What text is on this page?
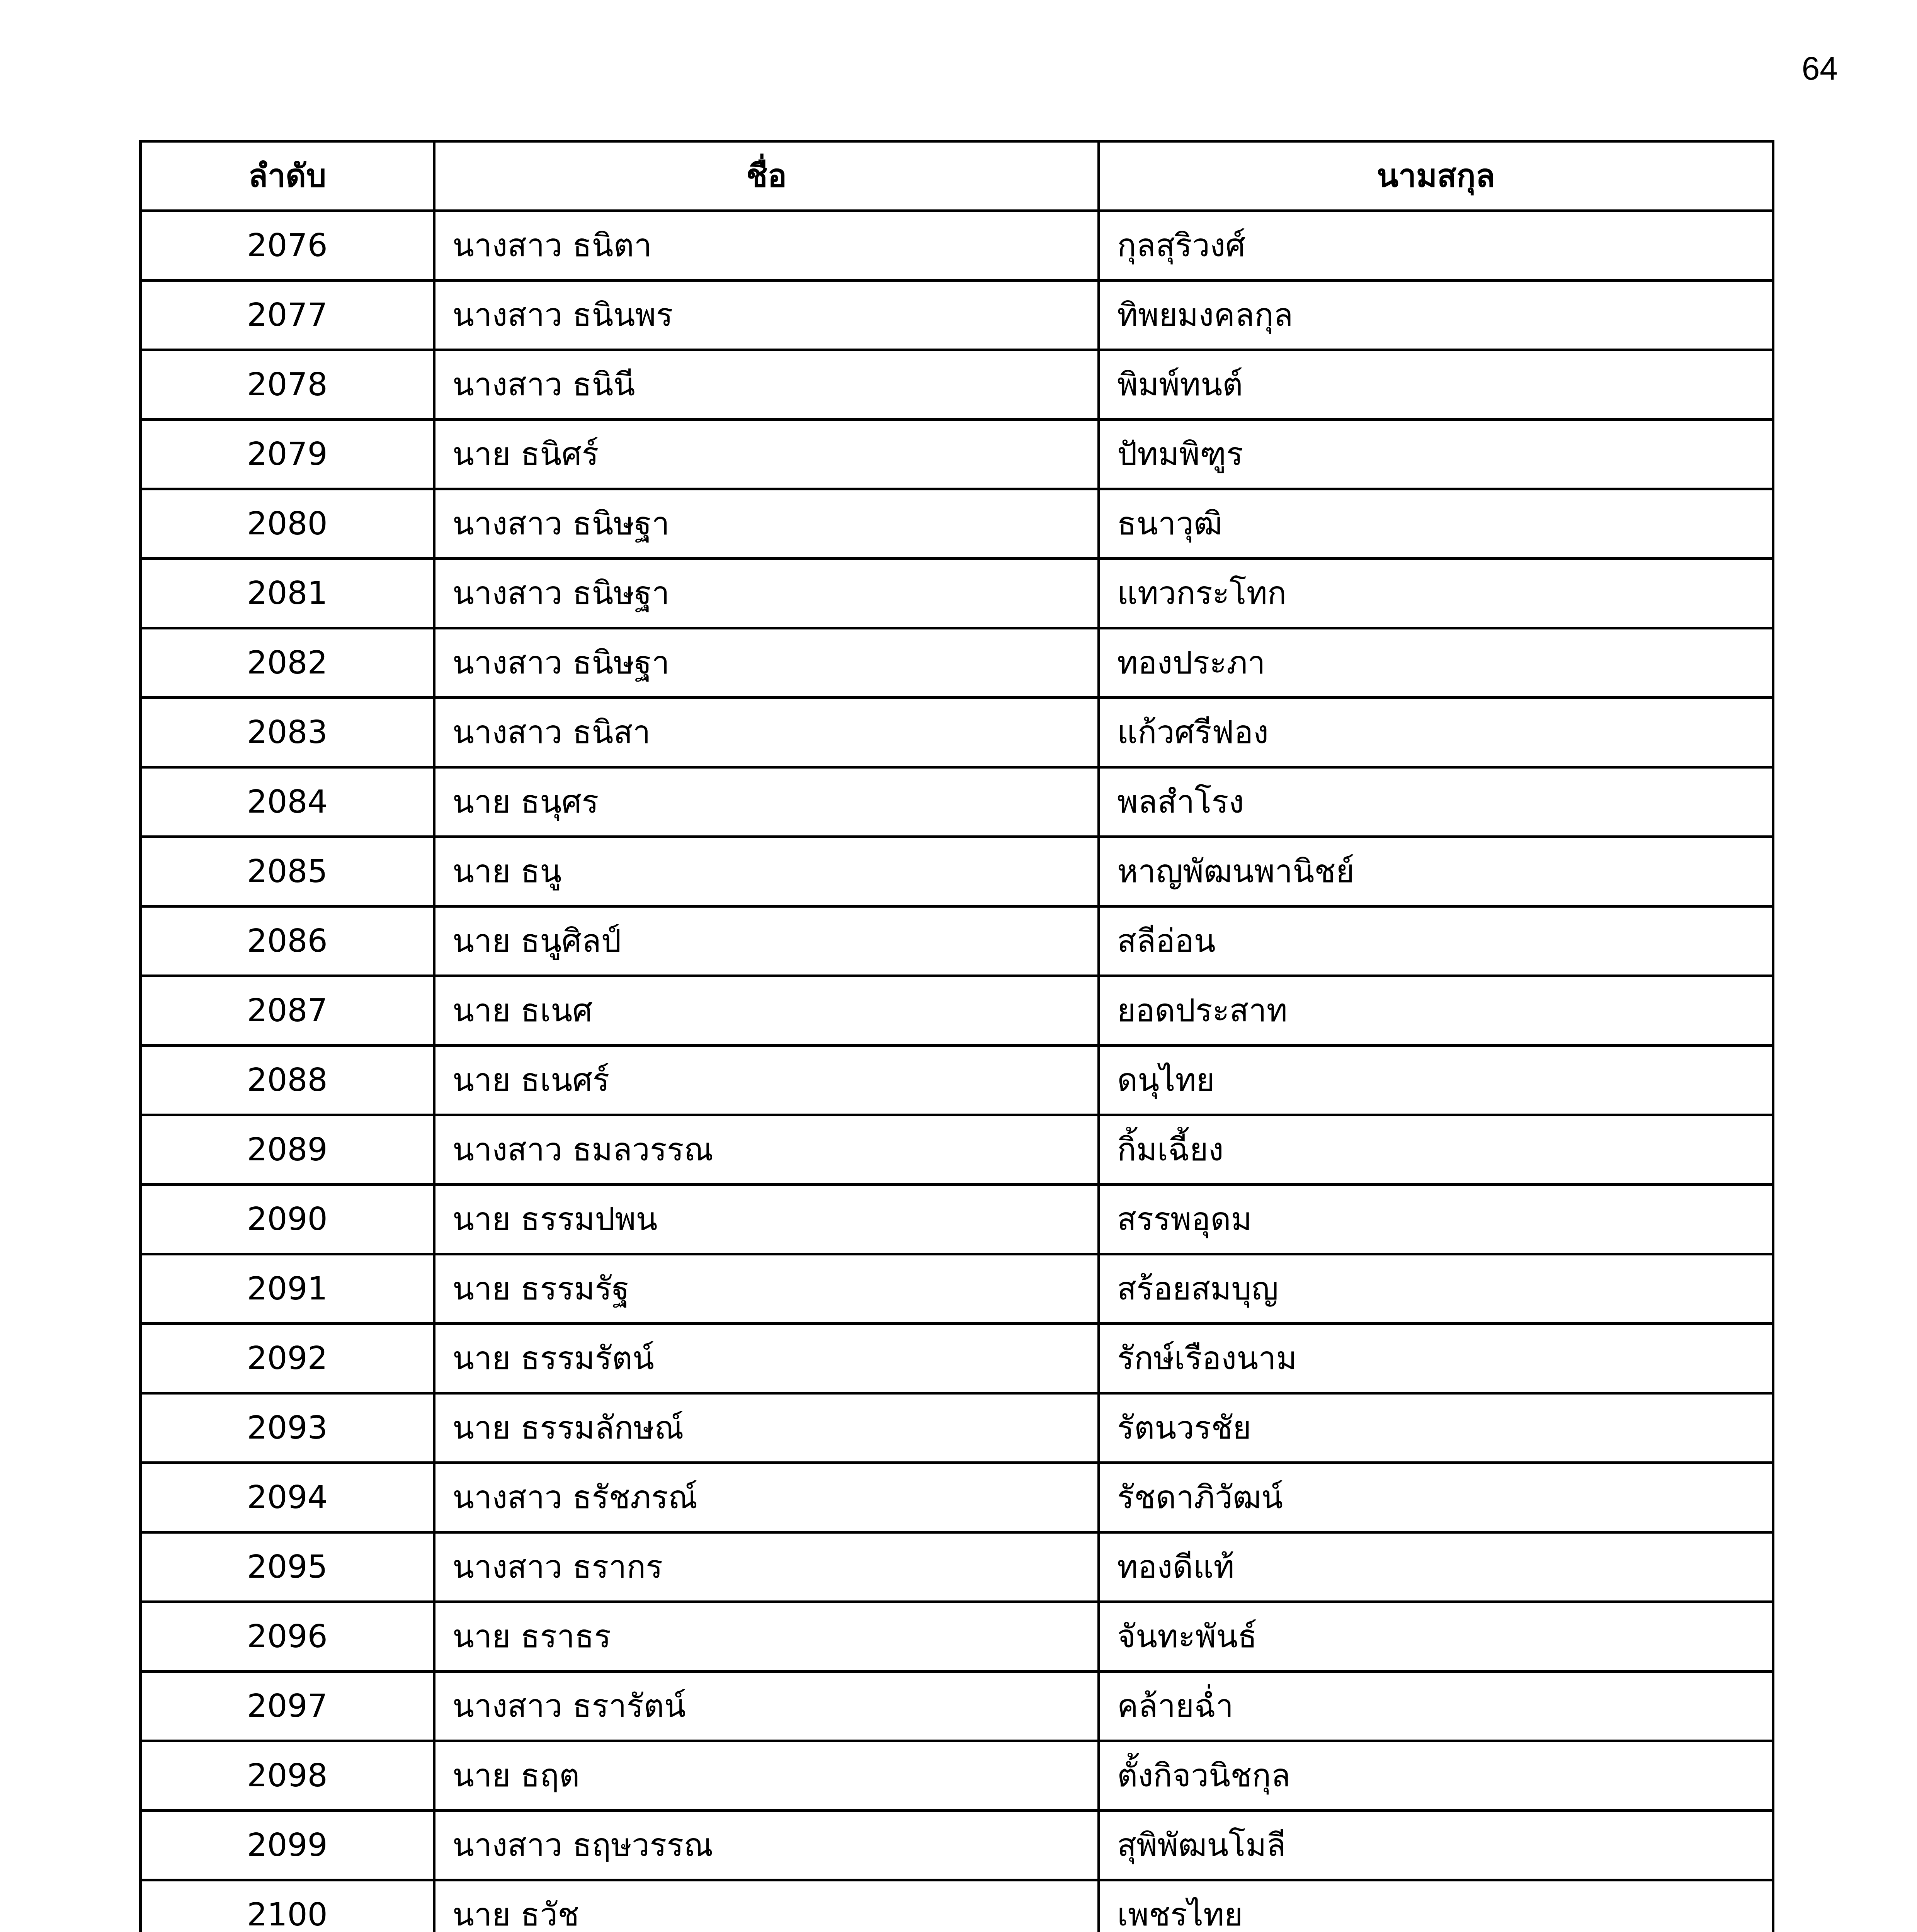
64
ลำดับ	ชื่อ	นามสกุล
2076	นางสาว ธนิตา	กุลสุริวงศ์
2077	นางสาว ธนินพร	ทิพยมงคลกุล
2078	นางสาว ธนินี	พิมพ์ทนต์
2079	นาย ธนิศร์	ปัทมพิฑูร
2080	นางสาว ธนิษฐา	ธนาวุฒิ
2081	นางสาว ธนิษฐา	แทวกระโทก
2082	นางสาว ธนิษฐา	ทองประภา
2083	นางสาว ธนิสา	แก้วศรีฟอง
2084	นาย ธนุศร	พลสำโรง
2085	นาย ธนู	หาญพัฒนพานิชย์
2086	นาย ธนูศิลป์	สลีอ่อน
2087	นาย ธเนศ	ยอดประสาท
2088	นาย ธเนศร์	ดนุไทย
2089	นางสาว ธมลวรรณ	กิ้มเฉี้ยง
2090	นาย ธรรมปพน	สรรพอุดม
2091	นาย ธรรมรัฐ	สร้อยสมบุญ
2092	นาย ธรรมรัตน์	รักษ์เรืองนาม
2093	นาย ธรรมลักษณ์	รัตนวรชัย
2094	นางสาว ธรัชภรณ์	รัชดาภิวัฒน์
2095	นางสาว ธรากร	ทองดีแท้
2096	นาย ธราธร	จันทะพันธ์
2097	นางสาว ธรารัตน์	คล้ายฉ่ำ
2098	นาย ธฤต	ตั้งกิจวนิชกุล
2099	นางสาว ธฤษวรรณ	สุพิพัฒนโมลี
2100	นาย ธวัช	เพชรไทย
